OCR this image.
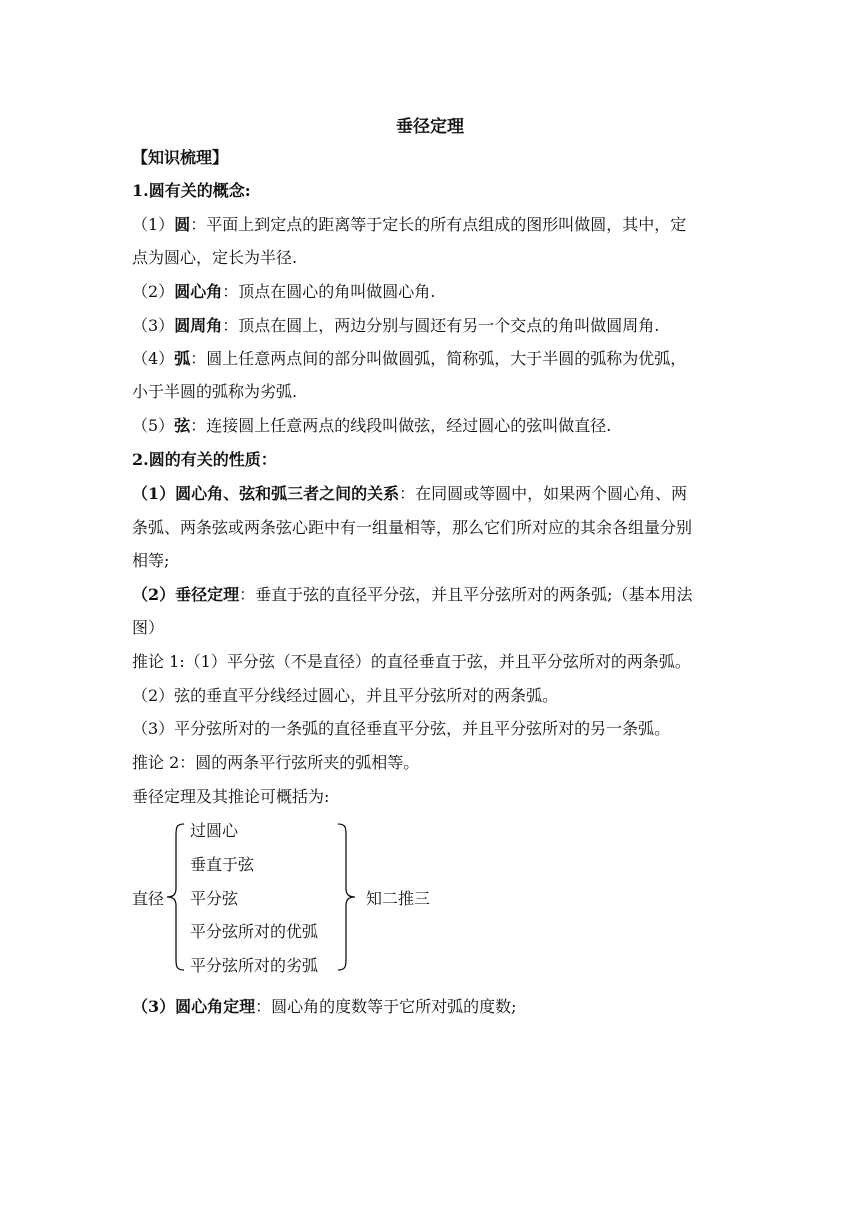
垂径定理
【知识梳理】
1.圆有关的概念:
（1）圆：平面上到定点的距离等于定长的所有点组成的图形叫做圆，其中，定
点为圆心，定长为半径.
（2）圆心角：顶点在圆心的角叫做圆心角.
（3）圆周角：顶点在圆上，两边分别与圆还有另一个交点的角叫做圆周角.
（4）弧：圆上任意两点间的部分叫做圆弧，简称弧，大于半圆的弧称为优弧，
小于半圆的弧称为劣弧.
（5）弦：连接圆上任意两点的线段叫做弦，经过圆心的弦叫做直径.
2.圆的有关的性质：
（1）圆心角、弦和弧三者之间的关系：在同圆或等圆中，如果两个圆心角、两
条弧、两条弦或两条弦心距中有一组量相等，那么它们所对应的其余各组量分别
相等;
（2）垂径定理：垂直于弦的直径平分弦，并且平分弦所对的两条弧;（基本用法
图）
推论 1:（1）平分弦（不是直径）的直径垂直于弦，并且平分弦所对的两条弧。
（2）弦的垂直平分线经过圆心，并且平分弦所对的两条弧。
（3）平分弦所对的一条弧的直径垂直平分弦，并且平分弦所对的另一条弧。
推论 2：圆的两条平行弦所夹的弧相等。
垂径定理及其推论可概括为:
直径
过圆心
垂直于弦
平分弦
平分弦所对的优弧
平分弦所对的劣弧
知二推三
（3）圆心角定理：圆心角的度数等于它所对弧的度数;
